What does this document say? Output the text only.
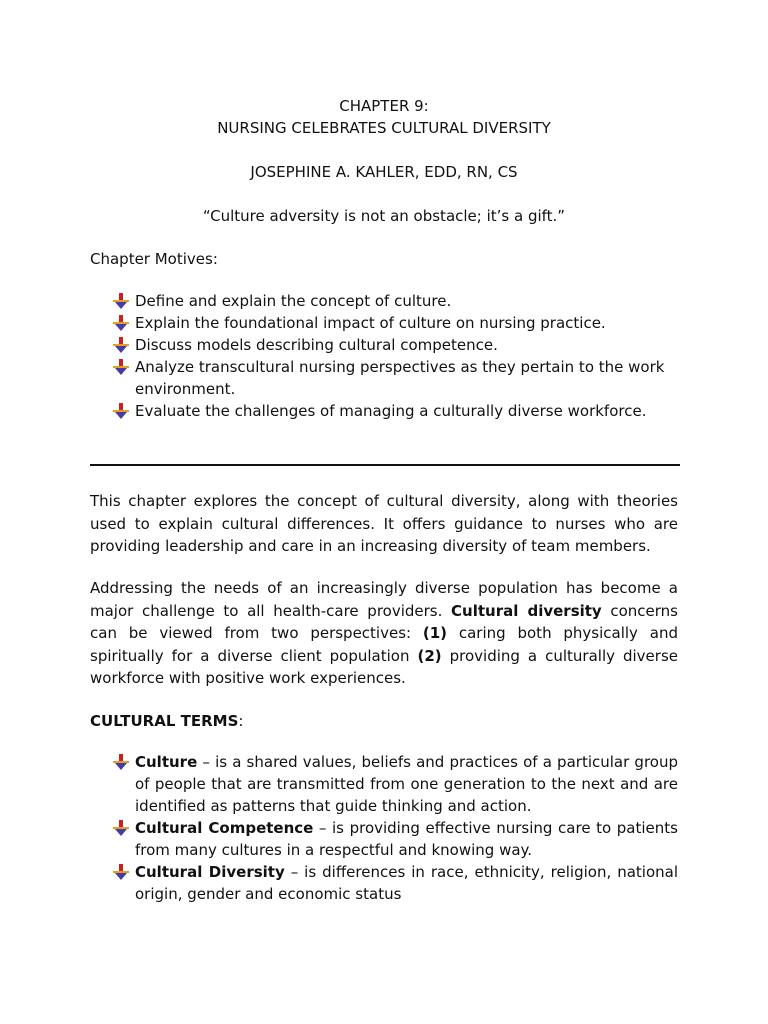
CHAPTER 9:
NURSING CELEBRATES CULTURAL DIVERSITY
JOSEPHINE A. KAHLER, EDD, RN, CS
“Culture adversity is not an obstacle; it’s a gift.”
Chapter Motives:
Define and explain the concept of culture.
Explain the foundational impact of culture on nursing practice.
Discuss models describing cultural competence.
Analyze transcultural nursing perspectives as they pertain to the work environment.
Evaluate the challenges of managing a culturally diverse workforce.

This chapter explores the concept of cultural diversity, along with theories used to explain cultural differences. It offers guidance to nurses who are providing leadership and care in an increasing diversity of team members.

Addressing the needs of an increasingly diverse population has become a major challenge to all health-care providers. Cultural diversity concerns can be viewed from two perspectives: (1) caring both physically and spiritually for a diverse client population (2) providing a culturally diverse workforce with positive work experiences.

CULTURAL TERMS:
Culture – is a shared values, beliefs and practices of a particular group of people that are transmitted from one generation to the next and are identified as patterns that guide thinking and action.
Cultural Competence – is providing effective nursing care to patients from many cultures in a respectful and knowing way.
Cultural Diversity – is differences in race, ethnicity, religion, national origin, gender and economic status
